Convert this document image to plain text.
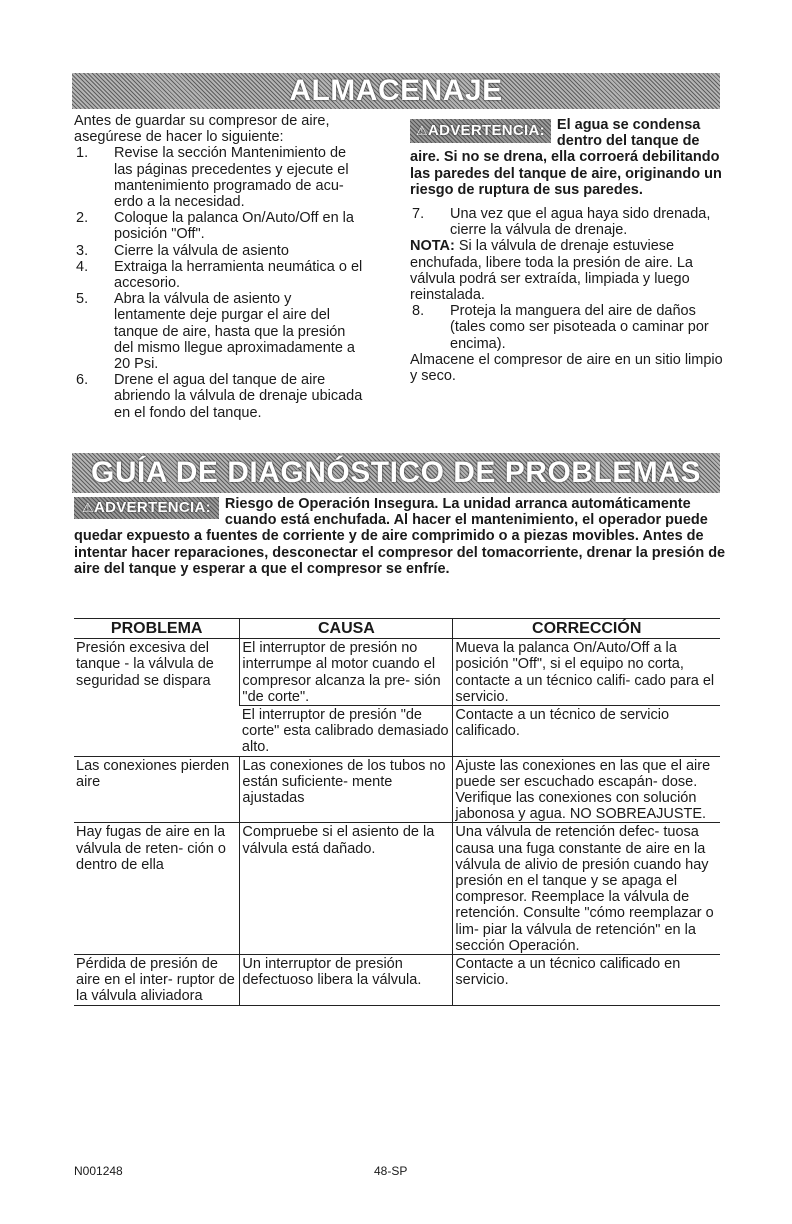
ALMACENAJE

Antes de guardar su compresor de aire, asegúrese de hacer lo siguiente:

1. Revise la sección Mantenimiento de las páginas precedentes y ejecute el mantenimiento programado de acu- erdo a la necesidad.
2. Coloque la palanca On/Auto/Off en la posición "Off".
3. Cierre la válvula de asiento
4. Extraiga la herramienta neumática o el accesorio.
5. Abra la válvula de asiento y lentamente deje purgar el aire del tanque de aire, hasta que la presión del mismo llegue aproximadamente a 20 Psi.
6. Drene el agua del tanque de aire abriendo la válvula de drenaje ubicada en el fondo del tanque.
⚠ADVERTENCIA: El agua se condensa dentro del tanque de aire. Si no se drena, ella corroerá debilitando las paredes del tanque de aire, originando un riesgo de ruptura de sus paredes.
7. Una vez que el agua haya sido drenada, cierre la válvula de drenaje.

NOTA: Si la válvula de drenaje estuviese enchufada, libere toda la presión de aire. La válvula podrá ser extraída, limpiada y luego reinstalada.

8. Proteja la manguera del aire de daños (tales como ser pisoteada o caminar por encima).

Almacene el compresor de aire en un sitio limpio y seco.

GUÍA DE DIAGNÓSTICO DE PROBLEMAS
⚠ADVERTENCIA: Riesgo de Operación Insegura. La unidad arranca automáticamente cuando está enchufada. Al hacer el mantenimiento, el operador puede quedar expuesto a fuentes de corriente y de aire comprimido o a piezas movibles. Antes de intentar hacer reparaciones, desconectar el compresor del tomacorriente, drenar la presión de aire del tanque y esperar a que el compresor se enfríe.
PROBLEMA	CAUSA	CORRECCIÓN
Presión excesiva del tanque - la válvula de seguridad se dispara	El interruptor de presión no interrumpe al motor cuando el compresor alcanza la pre- sión "de corte".	Mueva la palanca On/Auto/Off a la posición "Off", si el equipo no corta, contacte a un técnico califi- cado para el servicio.
	El interruptor de presión "de corte" esta calibrado demasiado alto.	Contacte a un técnico de servicio calificado.
Las conexiones pierden aire	Las conexiones de los tubos no están suficiente- mente ajustadas	Ajuste las conexiones en las que el aire puede ser escuchado escapán- dose. Verifique las conexiones con solución jabonosa y agua. NO SOBREAJUSTE.
Hay fugas de aire en la válvula de reten- ción o dentro de ella	Compruebe si el asiento de la válvula está dañado.	Una válvula de retención defec- tuosa causa una fuga constante de aire en la válvula de alivio de presión cuando hay presión en el tanque y se apaga el compresor. Reemplace la válvula de retención. Consulte "cómo reemplazar o lim- piar la válvula de retención" en la sección Operación.
Pérdida de presión de aire en el inter- ruptor de la válvula aliviadora	Un interruptor de presión defectuoso libera la válvula.	Contacte a un técnico calificado en servicio.
N001248	48-SP
